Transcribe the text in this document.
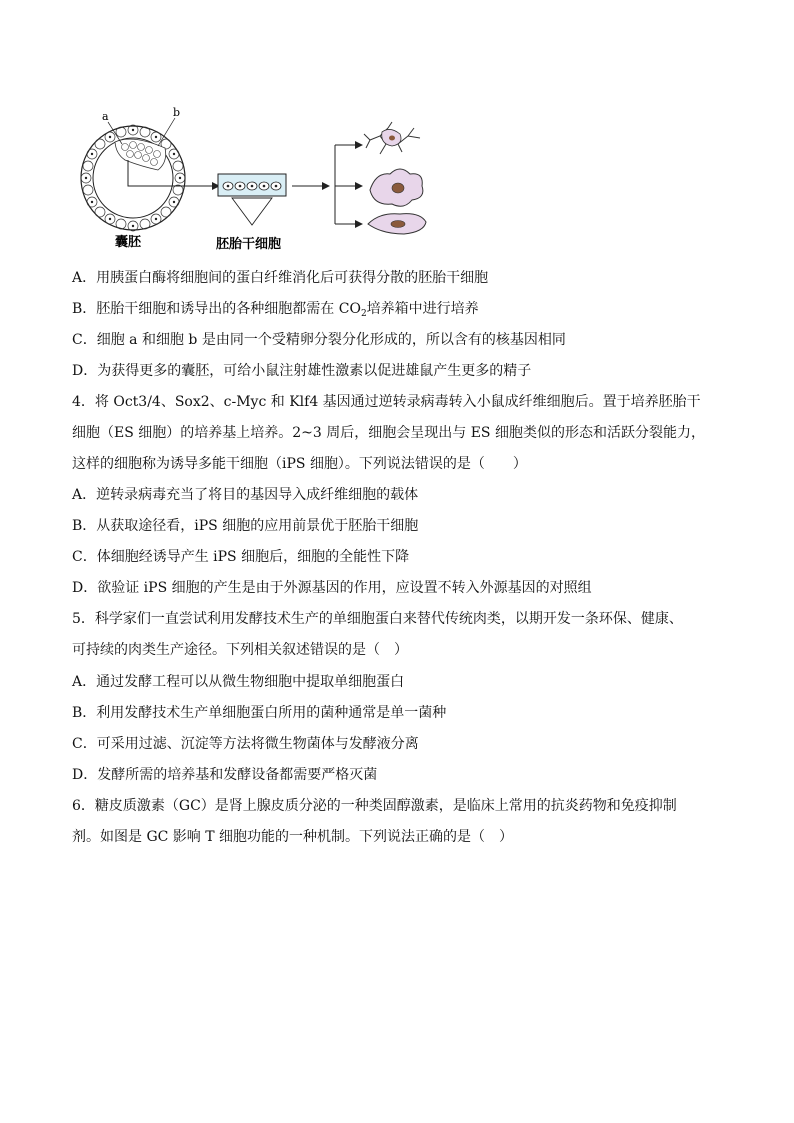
a	b
囊胚	胚胎干细胞
A．用胰蛋白酶将细胞间的蛋白纤维消化后可获得分散的胚胎干细胞
B．胚胎干细胞和诱导出的各种细胞都需在 $CO_2$培养箱中进行培养
C．细胞 a 和细胞 b 是由同一个受精卵分裂分化形成的，所以含有的核基因相同
D．为获得更多的囊胚，可给小鼠注射雄性激素以促进雄鼠产生更多的精子
4．将 Oct3/4、Sox2、c-Myc 和 Klf4 基因通过逆转录病毒转入小鼠成纤维细胞后。置于培养胚胎干
细胞（ES 细胞）的培养基上培养。2~3 周后，细胞会呈现出与 ES 细胞类似的形态和活跃分裂能力，
这样的细胞称为诱导多能干细胞（iPS 细胞）。下列说法错误的是（　　）
A．逆转录病毒充当了将目的基因导入成纤维细胞的载体
B．从获取途径看，iPS 细胞的应用前景优于胚胎干细胞
C．体细胞经诱导产生 iPS 细胞后，细胞的全能性下降
D．欲验证 iPS 细胞的产生是由于外源基因的作用，应设置不转入外源基因的对照组
5．科学家们一直尝试利用发酵技术生产的单细胞蛋白来替代传统肉类，以期开发一条环保、健康、
可持续的肉类生产途径。下列相关叙述错误的是（　）
A．通过发酵工程可以从微生物细胞中提取单细胞蛋白
B．利用发酵技术生产单细胞蛋白所用的菌种通常是单一菌种
C．可采用过滤、沉淀等方法将微生物菌体与发酵液分离
D．发酵所需的培养基和发酵设备都需要严格灭菌
6．糖皮质激素（GC）是肾上腺皮质分泌的一种类固醇激素，是临床上常用的抗炎药物和免疫抑制
剂。如图是 GC 影响 T 细胞功能的一种机制。下列说法正确的是（　）
